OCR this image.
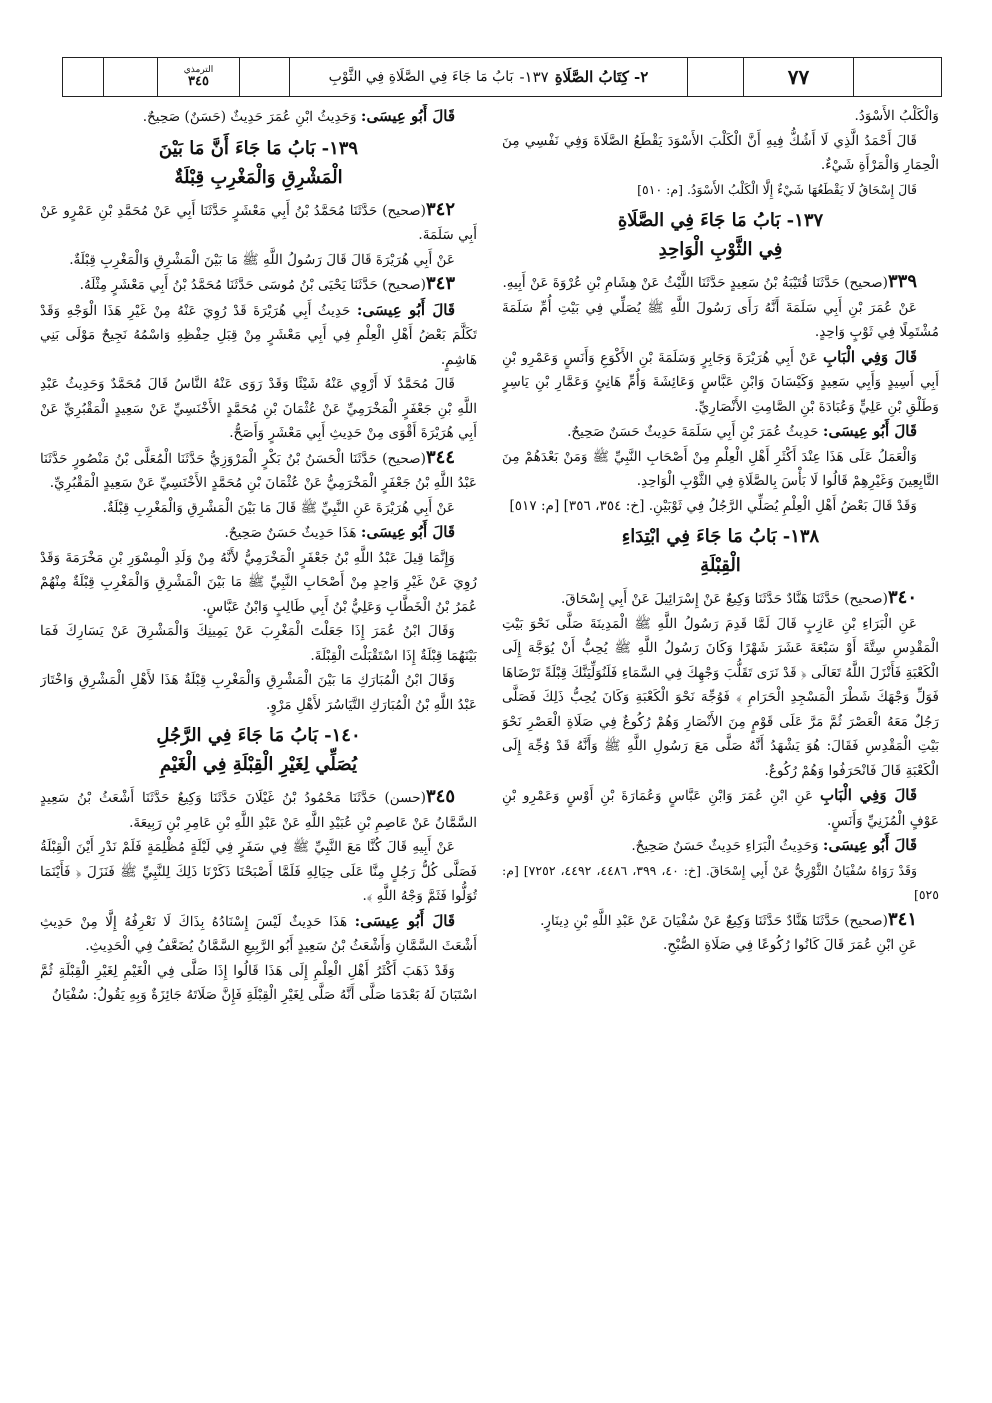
الترمذي
٣٤٥	٢- كِتَابُ الصَّلَاةِ
١٣٧-
بَابُ مَا جَاءَ فِي الصَّلَاةِ فِي الثَّوْبِ	٧٧

وَالْكَلْبُ الأَسْوَدُ.

قَالَ أَحْمَدُ الَّذِي لَا أَشُكُّ فِيهِ أَنَّ الْكَلْبَ الأَسْوَدَ يَقْطَعُ الصَّلَاةَ وَفِي نَفْسِي مِنَ الْحِمَارِ وَالْمَرْأَةِ شَيْءٌ.

قَالَ إِسْحَاقُ لَا يَقْطَعُهَا شَيْءٌ إِلَّا الْكَلْبُ الأَسْوَدُ. [م: ٥١٠]

١٣٧- بَابُ مَا جَاءَ فِي الصَّلَاةِ
فِي الثَّوْبِ الْوَاحِدِ

٣٣٩(صحيح) حَدَّثَنَا قُتَيْبَةُ بْنُ سَعِيدٍ حَدَّثَنَا اللَّيْثُ عَنْ هِشَامِ بْنِ عُرْوَةَ عَنْ أَبِيهِ.

عَنْ عُمَرَ بْنِ أَبِي سَلَمَةَ أَنَّهُ رَأَى رَسُولَ اللَّهِ ﷺ يُصَلِّي فِي بَيْتِ أُمِّ سَلَمَةَ مُشْتَمِلًا فِي ثَوْبٍ وَاحِدٍ.

قَالَ وَفِي الْبَابِ عَنْ أَبِي هُرَيْرَةَ وَجَابِرٍ وَسَلَمَةَ بْنِ الأَكْوَعِ وَأَنَسٍ وَعَمْرِو بْنِ أَبِي أَسِيدٍ وَأَبِي سَعِيدٍ وَكَيْسَانَ وَابْنِ عَبَّاسٍ وَعَائِشَةَ وَأُمِّ هَانِئٍ وَعَمَّارِ بْنِ يَاسِرٍ وَطَلْقِ بْنِ عَلِيٍّ وَعُبَادَةَ بْنِ الصَّامِتِ الأَنْصَارِيِّ.

قَالَ أَبُو عِيسَى: حَدِيثُ عُمَرَ بْنِ أَبِي سَلَمَةَ حَدِيثٌ حَسَنٌ صَحِيحٌ.

وَالْعَمَلُ عَلَى هَذَا عِنْدَ أَكْثَرِ أَهْلِ الْعِلْمِ مِنْ أَصْحَابِ النَّبِيِّ ﷺ وَمَنْ بَعْدَهُمْ مِنَ التَّابِعِينَ وَغَيْرِهِمْ قَالُوا لَا بَأْسَ بِالصَّلَاةِ فِي الثَّوْبِ الْوَاحِدِ.

وَقَدْ قَالَ بَعْضُ أَهْلِ الْعِلْمِ يُصَلِّي الرَّجُلُ فِي ثَوْبَيْنِ. [خ: ٣٥٤، ٣٥٦] [م: ٥١٧]

١٣٨- بَابُ مَا جَاءَ فِي ابْتِدَاءِ
الْقِبْلَةِ

٣٤٠(صحيح) حَدَّثَنَا هَنَّادٌ حَدَّثَنَا وَكِيعٌ عَنْ إِسْرَائِيلَ عَنْ أَبِي إِسْحَاقَ.

عَنِ الْبَرَاءِ بْنِ عَازِبٍ قَالَ لَمَّا قَدِمَ رَسُولُ اللَّهِ ﷺ الْمَدِينَةَ صَلَّى نَحْوَ بَيْتِ الْمَقْدِسِ سِتَّةَ أَوْ سَبْعَةَ عَشَرَ شَهْرًا وَكَانَ رَسُولُ اللَّهِ ﷺ يُحِبُّ أَنْ يُوَجَّهَ إِلَى الْكَعْبَةِ فَأَنْزَلَ اللَّهُ تَعَالَى ﴿ قَدْ نَرَى تَقَلُّبَ وَجْهِكَ فِي السَّمَاءِ فَلَنُوَلِّيَنَّكَ قِبْلَةً تَرْضَاهَا فَوَلِّ وَجْهَكَ شَطْرَ الْمَسْجِدِ الْحَرَامِ ﴾ فَوُجِّهَ نَحْوَ الْكَعْبَةِ وَكَانَ يُحِبُّ ذَلِكَ فَصَلَّى رَجُلٌ مَعَهُ الْعَصْرَ ثُمَّ مَرَّ عَلَى قَوْمٍ مِنَ الأَنْصَارِ وَهُمْ رُكُوعٌ فِي صَلَاةِ الْعَصْرِ نَحْوَ بَيْتِ الْمَقْدِسِ فَقَالَ: هُوَ يَشْهَدُ أَنَّهُ صَلَّى مَعَ رَسُولِ اللَّهِ ﷺ وَأَنَّهُ قَدْ وُجِّهَ إِلَى الْكَعْبَةِ قَالَ فَانْحَرَفُوا وَهُمْ رُكُوعٌ.

قَالَ وَفِي الْبَابِ عَنِ ابْنِ عُمَرَ وَابْنِ عَبَّاسٍ وَعُمَارَةَ بْنِ أَوْسٍ وَعَمْرِو بْنِ عَوْفٍ الْمُزَنِيِّ وَأَنَسٍ.

قَالَ أَبُو عِيسَى: وَحَدِيثُ الْبَرَاءِ حَدِيثٌ حَسَنٌ صَحِيحٌ.

وَقَدْ رَوَاهُ سُفْيَانُ الثَّوْرِيُّ عَنْ أَبِي إِسْحَاقَ. [خ: ٤٠، ٣٩٩، ٤٤٨٦، ٤٤٩٢، ٧٢٥٢] [م: ٥٢٥]

٣٤١(صحيح) حَدَّثَنَا هَنَّادٌ حَدَّثَنَا وَكِيعٌ عَنْ سُفْيَانَ عَنْ عَبْدِ اللَّهِ بْنِ دِينَارٍ.

عَنِ ابْنِ عُمَرَ قَالَ كَانُوا رُكُوعًا فِي صَلَاةِ الصُّبْحِ.

قَالَ أَبُو عِيسَى: وَحَدِيثُ ابْنِ عُمَرَ حَدِيثٌ (حَسَنٌ) صَحِيحٌ.

١٣٩- بَابُ مَا جَاءَ أَنَّ مَا بَيْنَ
الْمَشْرِقِ وَالْمَغْرِبِ قِبْلَةٌ

٣٤٢(صحيح) حَدَّثَنَا مُحَمَّدُ بْنُ أَبِي مَعْشَرٍ حَدَّثَنَا أَبِي عَنْ مُحَمَّدِ بْنِ عَمْرٍو عَنْ أَبِي سَلَمَةَ.

عَنْ أَبِي هُرَيْرَةَ قَالَ قَالَ رَسُولُ اللَّهِ ﷺ مَا بَيْنَ الْمَشْرِقِ وَالْمَغْرِبِ قِبْلَةٌ.

٣٤٣(صحيح) حَدَّثَنَا يَحْيَى بْنُ مُوسَى حَدَّثَنَا مُحَمَّدُ بْنُ أَبِي مَعْشَرٍ مِثْلَهُ.

قَالَ أَبُو عِيسَى: حَدِيثُ أَبِي هُرَيْرَةَ قَدْ رُوِيَ عَنْهُ مِنْ غَيْرِ هَذَا الْوَجْهِ وَقَدْ تَكَلَّمَ بَعْضُ أَهْلِ الْعِلْمِ فِي أَبِي مَعْشَرٍ مِنْ قِبَلِ حِفْظِهِ وَاسْمُهُ نَجِيحٌ مَوْلَى بَنِي هَاشِمٍ.

قَالَ مُحَمَّدٌ لَا أَرْوِي عَنْهُ شَيْئًا وَقَدْ رَوَى عَنْهُ النَّاسُ قَالَ مُحَمَّدٌ وَحَدِيثُ عَبْدِ اللَّهِ بْنِ جَعْفَرٍ الْمَخْرَمِيِّ عَنْ عُثْمَانَ بْنِ مُحَمَّدٍ الأَخْنَسِيِّ عَنْ سَعِيدٍ الْمَقْبُرِيِّ عَنْ أَبِي هُرَيْرَةَ أَقْوَى مِنْ حَدِيثِ أَبِي مَعْشَرٍ وَأَصَحُّ.

٣٤٤(صحيح) حَدَّثَنَا الْحَسَنُ بْنُ بَكْرٍ الْمَرْوَزِيُّ حَدَّثَنَا الْمُعَلَّى بْنُ مَنْصُورٍ حَدَّثَنَا عَبْدُ اللَّهِ بْنُ جَعْفَرٍ الْمَخْرَمِيُّ عَنْ عُثْمَانَ بْنِ مُحَمَّدٍ الأَخْنَسِيِّ عَنْ سَعِيدٍ الْمَقْبُرِيِّ.

عَنْ أَبِي هُرَيْرَةَ عَنِ النَّبِيِّ ﷺ قَالَ مَا بَيْنَ الْمَشْرِقِ وَالْمَغْرِبِ قِبْلَةٌ.

قَالَ أَبُو عِيسَى: هَذَا حَدِيثٌ حَسَنٌ صَحِيحٌ.

وَإِنَّمَا قِيلَ عَبْدُ اللَّهِ بْنُ جَعْفَرٍ الْمَخْرَمِيُّ لأَنَّهُ مِنْ وَلَدِ الْمِسْوَرِ بْنِ مَخْرَمَةَ وَقَدْ رُوِيَ عَنْ غَيْرِ وَاحِدٍ مِنْ أَصْحَابِ النَّبِيِّ ﷺ مَا بَيْنَ الْمَشْرِقِ وَالْمَغْرِبِ قِبْلَةٌ مِنْهُمْ عُمَرُ بْنُ الْخَطَّابِ وَعَلِيُّ بْنُ أَبِي طَالِبٍ وَابْنُ عَبَّاسٍ.

وَقَالَ ابْنُ عُمَرَ إِذَا جَعَلْتَ الْمَغْرِبَ عَنْ يَمِينِكَ وَالْمَشْرِقَ عَنْ يَسَارِكَ فَمَا بَيْنَهُمَا قِبْلَةٌ إِذَا اسْتَقْبَلْتَ الْقِبْلَةَ.

وَقَالَ ابْنُ الْمُبَارَكِ مَا بَيْنَ الْمَشْرِقِ وَالْمَغْرِبِ قِبْلَةٌ هَذَا لأَهْلِ الْمَشْرِقِ وَاخْتَارَ عَبْدُ اللَّهِ بْنُ الْمُبَارَكِ التَّيَاسُرَ لأَهْلِ مَرْوٍ.

١٤٠- بَابُ مَا جَاءَ فِي الرَّجُلِ
يُصَلِّي لِغَيْرِ الْقِبْلَةِ فِي الْغَيْمِ

٣٤٥(حسن) حَدَّثَنَا مَحْمُودُ بْنُ غَيْلَانَ حَدَّثَنَا وَكِيعٌ حَدَّثَنَا أَشْعَثُ بْنُ سَعِيدٍ السَّمَّانُ عَنْ عَاصِمِ بْنِ عُبَيْدِ اللَّهِ عَنْ عَبْدِ اللَّهِ بْنِ عَامِرِ بْنِ رَبِيعَةَ.

عَنْ أَبِيهِ قَالَ كُنَّا مَعَ النَّبِيِّ ﷺ فِي سَفَرٍ فِي لَيْلَةٍ مُظْلِمَةٍ فَلَمْ نَدْرِ أَيْنَ الْقِبْلَةُ فَصَلَّى كُلُّ رَجُلٍ مِنَّا عَلَى حِيَالِهِ فَلَمَّا أَصْبَحْنَا ذَكَرْنَا ذَلِكَ لِلنَّبِيِّ ﷺ فَنَزَلَ ﴿ فَأَيْنَمَا تُوَلُّوا فَثَمَّ وَجْهُ اللَّهِ ﴾.

قَالَ أَبُو عِيسَى: هَذَا حَدِيثٌ لَيْسَ إِسْنَادُهُ بِذَاكَ لَا نَعْرِفُهُ إِلَّا مِنْ حَدِيثِ أَشْعَثَ السَّمَّانِ وَأَشْعَثُ بْنُ سَعِيدٍ أَبُو الرَّبِيعِ السَّمَّانُ يُضَعَّفُ فِي الْحَدِيثِ.

وَقَدْ ذَهَبَ أَكْثَرُ أَهْلِ الْعِلْمِ إِلَى هَذَا قَالُوا إِذَا صَلَّى فِي الْغَيْمِ لِغَيْرِ الْقِبْلَةِ ثُمَّ اسْتَبَانَ لَهُ بَعْدَمَا صَلَّى أَنَّهُ صَلَّى لِغَيْرِ الْقِبْلَةِ فَإِنَّ صَلَاتَهُ جَائِزَةٌ وَبِهِ يَقُولُ: سُفْيَانُ
